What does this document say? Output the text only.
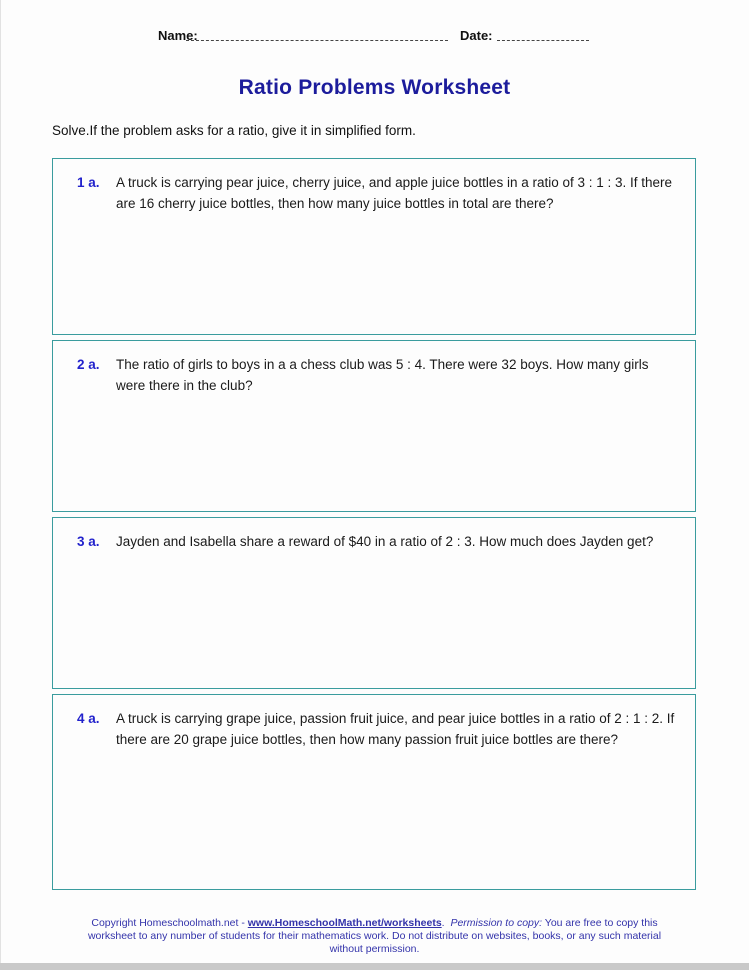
Name:	Date:
Ratio Problems Worksheet
Solve.If the problem asks for a ratio, give it in simplified form.
1 a.	A truck is carrying pear juice, cherry juice, and apple juice bottles in a ratio of 3 : 1 : 3. If there are 16 cherry juice bottles, then how many juice bottles in total are there?
2 a.	The ratio of girls to boys in a a chess club was 5 : 4. There were 32 boys. How many girls were there in the club?
3 a.	Jayden and Isabella share a reward of $40 in a ratio of 2 : 3. How much does Jayden get?
4 a.	A truck is carrying grape juice, passion fruit juice, and pear juice bottles in a ratio of 2 : 1 : 2. If there are 20 grape juice bottles, then how many passion fruit juice bottles are there?
Copyright Homeschoolmath.net - www.HomeschoolMath.net/worksheets.  Permission to copy: You are free to copy this worksheet to any number of students for their mathematics work. Do not distribute on websites, books, or any such material without permission.
